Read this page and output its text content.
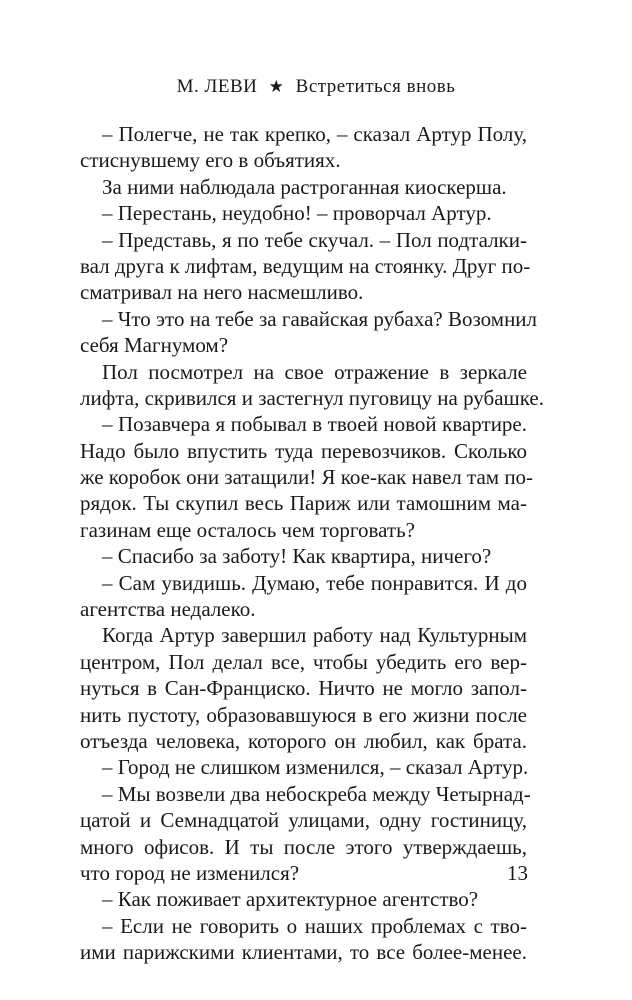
М. ЛЕВИ ★ Встретиться вновь
– Полегче, не так крепко, – сказал Артур Полу,
стиснувшему его в объятиях.
За ними наблюдала растроганная киоскерша.
– Перестань, неудобно! – проворчал Артур.
– Представь, я по тебе скучал. – Пол подталки-
вал друга к лифтам, ведущим на стоянку. Друг по-
сматривал на него насмешливо.
– Что это на тебе за гавайская рубаха? Возомнил
себя Магнумом?
Пол посмотрел на свое отражение в зеркале
лифта, скривился и застегнул пуговицу на рубашке.
– Позавчера я побывал в твоей новой квартире.
Надо было впустить туда перевозчиков. Сколько
же коробок они затащили! Я кое-как навел там по-
рядок. Ты скупил весь Париж или тамошним ма-
газинам еще осталось чем торговать?
– Спасибо за заботу! Как квартира, ничего?
– Сам увидишь. Думаю, тебе понравится. И до
агентства недалеко.
Когда Артур завершил работу над Культурным
центром, Пол делал все, чтобы убедить его вер-
нуться в Сан-Франциско. Ничто не могло запол-
нить пустоту, образовавшуюся в его жизни после
отъезда человека, которого он любил, как брата.
– Город не слишком изменился, – сказал Артур.
– Мы возвели два небоскреба между Четырнад-
цатой и Семнадцатой улицами, одну гостиницу,
много офисов. И ты после этого утверждаешь,
что город не изменился?
– Как поживает архитектурное агентство?
– Если не говорить о наших проблемах с тво-
ими парижскими клиентами, то все более-менее.
13
